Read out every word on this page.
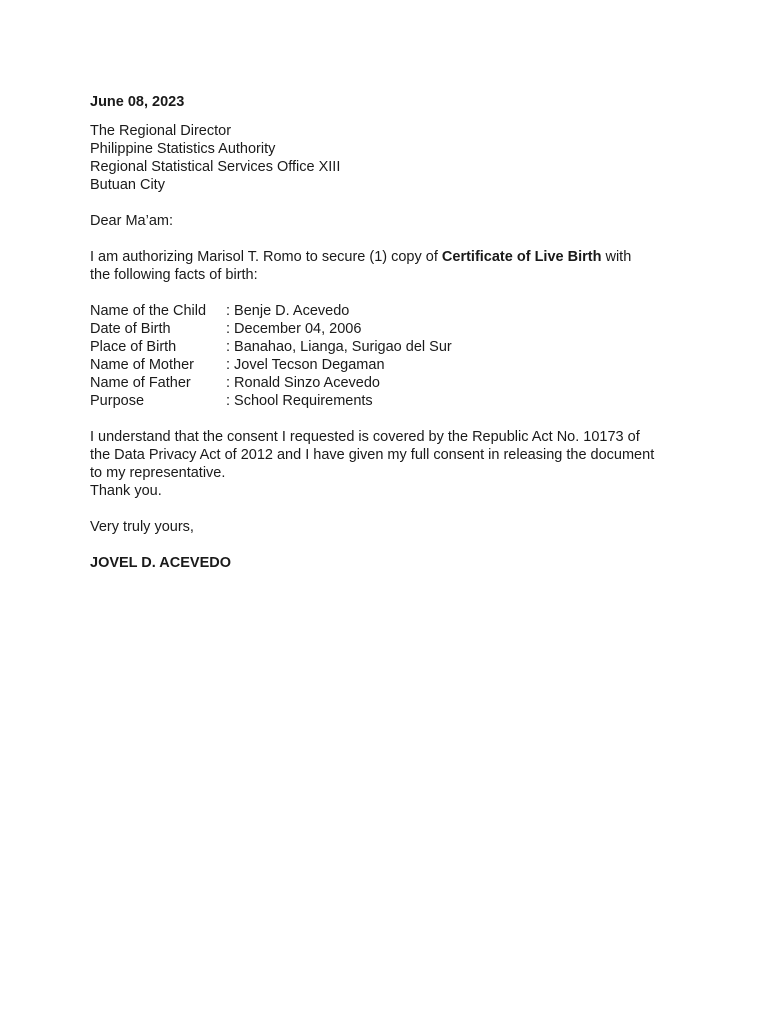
June 08, 2023
The Regional Director
Philippine Statistics Authority
Regional Statistical Services Office XIII
Butuan City
Dear Ma’am:
I am authorizing Marisol T. Romo to secure (1) copy of Certificate of Live Birth with
the following facts of birth:
Name of the Child	: Benje D. Acevedo
Date of Birth	: December 04, 2006
Place of Birth	: Banahao, Lianga, Surigao del Sur
Name of Mother	: Jovel Tecson Degaman
Name of Father	: Ronald Sinzo Acevedo
Purpose	: School Requirements
I understand that the consent I requested is covered by the Republic Act No. 10173 of
the Data Privacy Act of 2012 and I have given my full consent in releasing the document
to my representative.
Thank you.
Very truly yours,
JOVEL D. ACEVEDO
